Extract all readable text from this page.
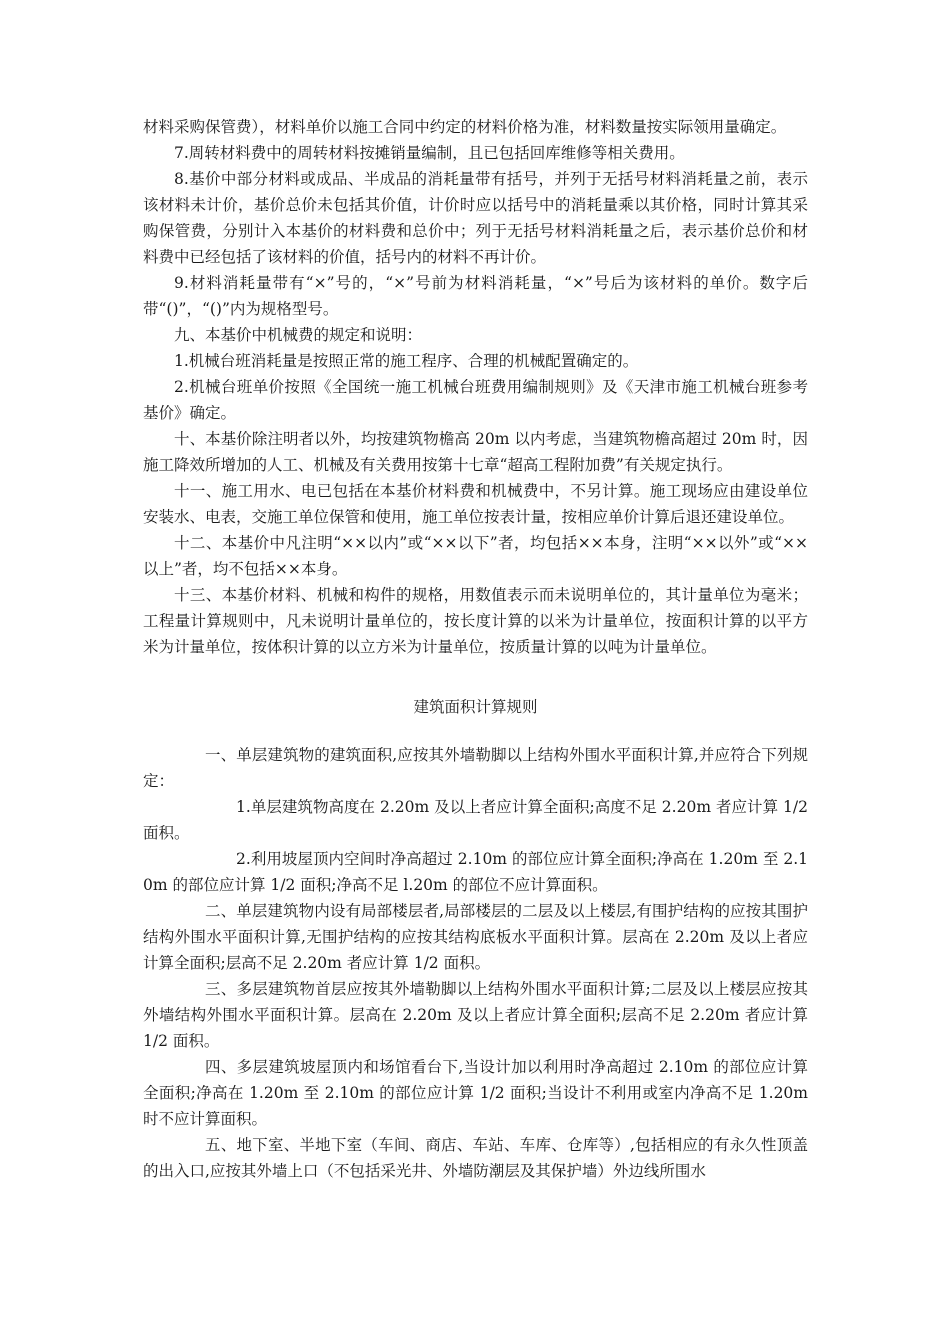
材料采购保管费），材料单价以施工合同中约定的材料价格为准，材料数量按实际领用量确定。

7.周转材料费中的周转材料按摊销量编制，且已包括回库维修等相关费用。

8.基价中部分材料或成品、半成品的消耗量带有括号，并列于无括号材料消耗量之前，表示该材料未计价，基价总价未包括其价值，计价时应以括号中的消耗量乘以其价格，同时计算其采购保管费，分别计入本基价的材料费和总价中；列于无括号材料消耗量之后，表示基价总价和材料费中已经包括了该材料的价值，括号内的材料不再计价。

9.材料消耗量带有“×”号的，“×”号前为材料消耗量，“×”号后为该材料的单价。数字后带“()”，“()”内为规格型号。

九、本基价中机械费的规定和说明：

1.机械台班消耗量是按照正常的施工程序、合理的机械配置确定的。

2.机械台班单价按照《全国统一施工机械台班费用编制规则》及《天津市施工机械台班参考基价》确定。

十、本基价除注明者以外，均按建筑物檐高 20m 以内考虑，当建筑物檐高超过 20m 时，因施工降效所增加的人工、机械及有关费用按第十七章“超高工程附加费”有关规定执行。

十一、施工用水、电已包括在本基价材料费和机械费中，不另计算。施工现场应由建设单位安装水、电表，交施工单位保管和使用，施工单位按表计量，按相应单价计算后退还建设单位。

十二、本基价中凡注明“××以内”或“××以下”者，均包括××本身，注明“××以外”或“××以上”者，均不包括××本身。

十三、本基价材料、机械和构件的规格，用数值表示而未说明单位的，其计量单位为毫米；工程量计算规则中，凡未说明计量单位的，按长度计算的以米为计量单位，按面积计算的以平方米为计量单位，按体积计算的以立方米为计量单位，按质量计算的以吨为计量单位。

建筑面积计算规则

一、单层建筑物的建筑面积,应按其外墙勒脚以上结构外围水平面积计算,并应符合下列规定：

1.单层建筑物高度在 2.20m 及以上者应计算全面积;高度不足 2.20m 者应计算 1/2 面积。

2.利用坡屋顶内空间时净高超过 2.10m 的部位应计算全面积;净高在 1.20m 至 2.10m 的部位应计算 1/2 面积;净高不足 l.20m 的部位不应计算面积。

二、单层建筑物内设有局部楼层者,局部楼层的二层及以上楼层,有围护结构的应按其围护结构外围水平面积计算,无围护结构的应按其结构底板水平面积计算。层高在 2.20m 及以上者应计算全面积;层高不足 2.20m 者应计算 1/2 面积。

三、多层建筑物首层应按其外墙勒脚以上结构外围水平面积计算;二层及以上楼层应按其外墙结构外围水平面积计算。层高在 2.20m 及以上者应计算全面积;层高不足 2.20m 者应计算 1/2 面积。

四、多层建筑坡屋顶内和场馆看台下,当设计加以利用时净高超过 2.10m 的部位应计算全面积;净高在 1.20m 至 2.10m 的部位应计算 1/2 面积;当设计不利用或室内净高不足 1.20m 时不应计算面积。

五、地下室、半地下室（车间、商店、车站、车库、仓库等）,包括相应的有永久性顶盖的出入口,应按其外墙上口（不包括采光井、外墙防潮层及其保护墙）外边线所围水
